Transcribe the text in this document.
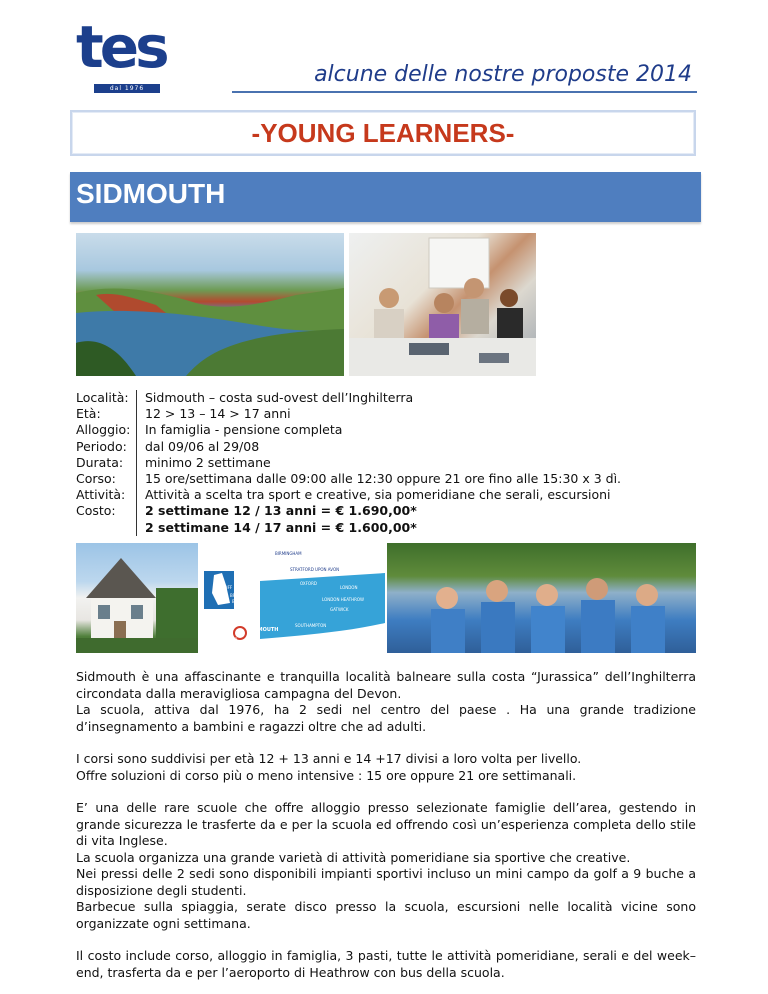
tes
dal 1976
alcune delle nostre proposte 2014
-YOUNG LEARNERS-
SIDMOUTH
Località:
Età:
Alloggio:
Periodo:
Durata:
Corso:
Attività:
Costo:
Sidmouth – costa sud-ovest dell’Inghilterra
12 > 13 – 14 > 17 anni
In famiglia - pensione completa
dal 09/06 al 29/08
minimo 2 settimane
15 ore/settimana dalle 09:00 alle 12:30 oppure 21 ore fino alle 15:30 x 3 dì.
Attività a scelta tra sport e creative, sia pomeridiane che serali, escursioni
2 settimane 12 / 13 anni = € 1.690,00*
2 settimane 14 / 17 anni = € 1.600,00*
BIRMINGHAM
STRATFORD UPON AVON
CARDIFF
OXFORD
LONDON
BRISTOL
BATH	LONDON HEATHROW
GATWICK
SOUTHAMPTON
SIDMOUTH
EXETER

Sidmouth è una affascinante e tranquilla località balneare sulla costa “Jurassica” dell’Inghilterra circondata dalla meravigliosa campagna del Devon.

La scuola, attiva dal 1976, ha 2 sedi nel centro del paese . Ha una grande tradizione d’insegnamento a bambini e ragazzi oltre che ad adulti.

I corsi sono suddivisi per età 12 + 13 anni e 14 +17 divisi a loro volta per livello.

Offre soluzioni di corso più o meno intensive : 15 ore oppure 21 ore settimanali.

E’ una delle rare scuole che offre alloggio presso selezionate famiglie dell’area, gestendo in grande sicurezza le trasferte da e per la scuola ed offrendo così un’esperienza completa dello stile di vita Inglese.

La scuola organizza una grande varietà di attività pomeridiane sia sportive che creative.

Nei pressi delle 2 sedi sono disponibili impianti sportivi incluso un mini campo da golf a 9 buche a disposizione degli studenti.

Barbecue sulla spiaggia, serate disco presso la scuola, escursioni nelle località vicine sono organizzate ogni settimana.

Il costo include corso, alloggio in famiglia, 3 pasti, tutte le attività pomeridiane, serali e del week–end, trasferta da e per l’aeroporto di Heathrow con bus della scuola.
